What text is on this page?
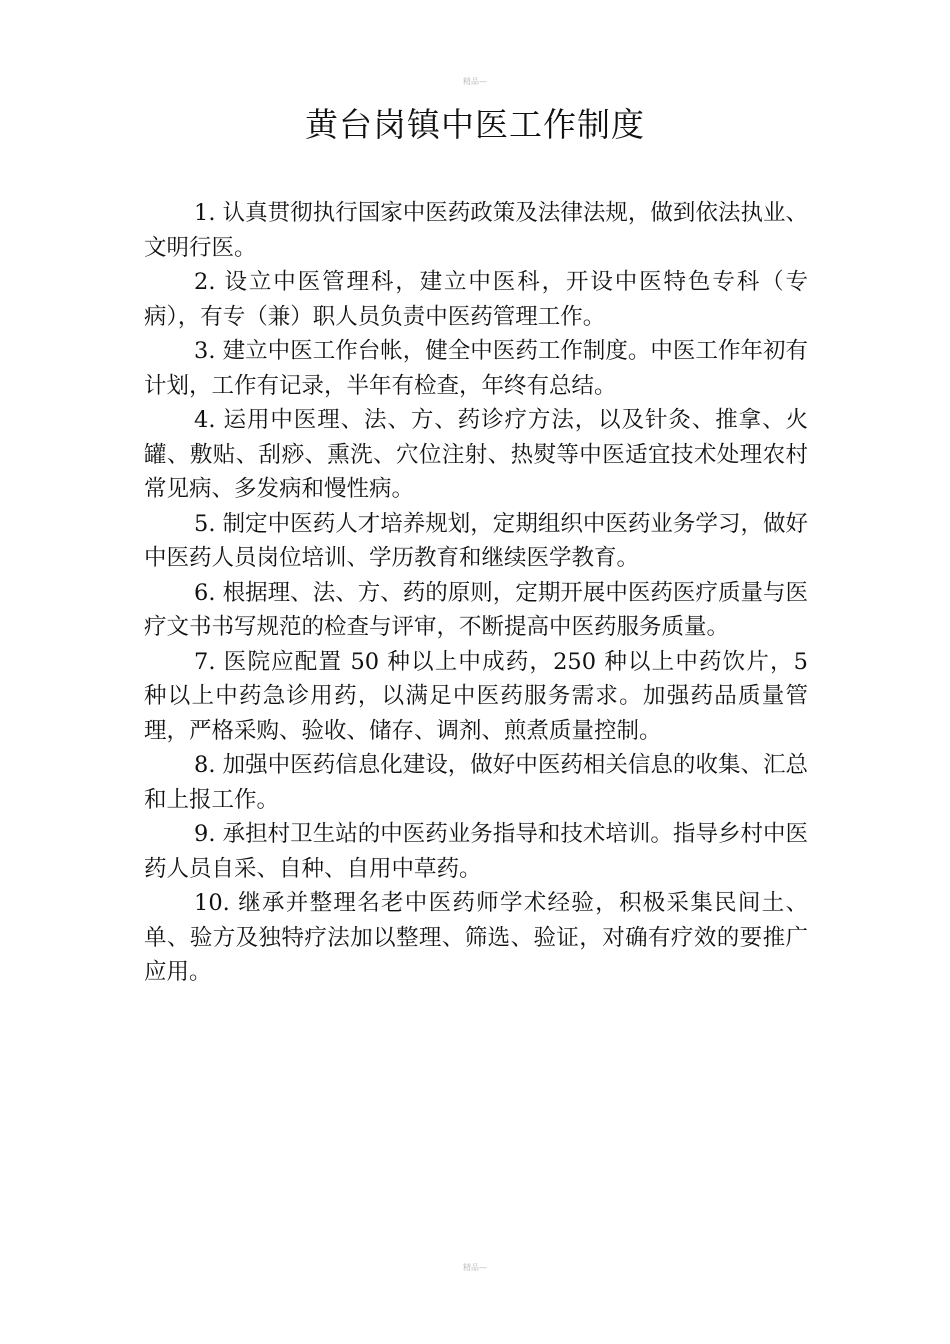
精品—
黄台岗镇中医工作制度

1. 认真贯彻执行国家中医药政策及法律法规，做到依法执业、文明行医。

2. 设立中医管理科，建立中医科，开设中医特色专科（专病），有专（兼）职人员负责中医药管理工作。

3. 建立中医工作台帐，健全中医药工作制度。中医工作年初有计划，工作有记录，半年有检查，年终有总结。

4. 运用中医理、法、方、药诊疗方法，以及针灸、推拿、火罐、敷贴、刮痧、熏洗、穴位注射、热熨等中医适宜技术处理农村常见病、多发病和慢性病。

5. 制定中医药人才培养规划，定期组织中医药业务学习，做好中医药人员岗位培训、学历教育和继续医学教育。

6. 根据理、法、方、药的原则，定期开展中医药医疗质量与医疗文书书写规范的检查与评审，不断提高中医药服务质量。

7. 医院应配置 50 种以上中成药，250 种以上中药饮片，5 种以上中药急诊用药，以满足中医药服务需求。加强药品质量管理，严格采购、验收、储存、调剂、煎煮质量控制。

8. 加强中医药信息化建设，做好中医药相关信息的收集、汇总和上报工作。

9. 承担村卫生站的中医药业务指导和技术培训。指导乡村中医药人员自采、自种、自用中草药。

10. 继承并整理名老中医药师学术经验，积极采集民间土、单、验方及独特疗法加以整理、筛选、验证，对确有疗效的要推广应用。

精品—
